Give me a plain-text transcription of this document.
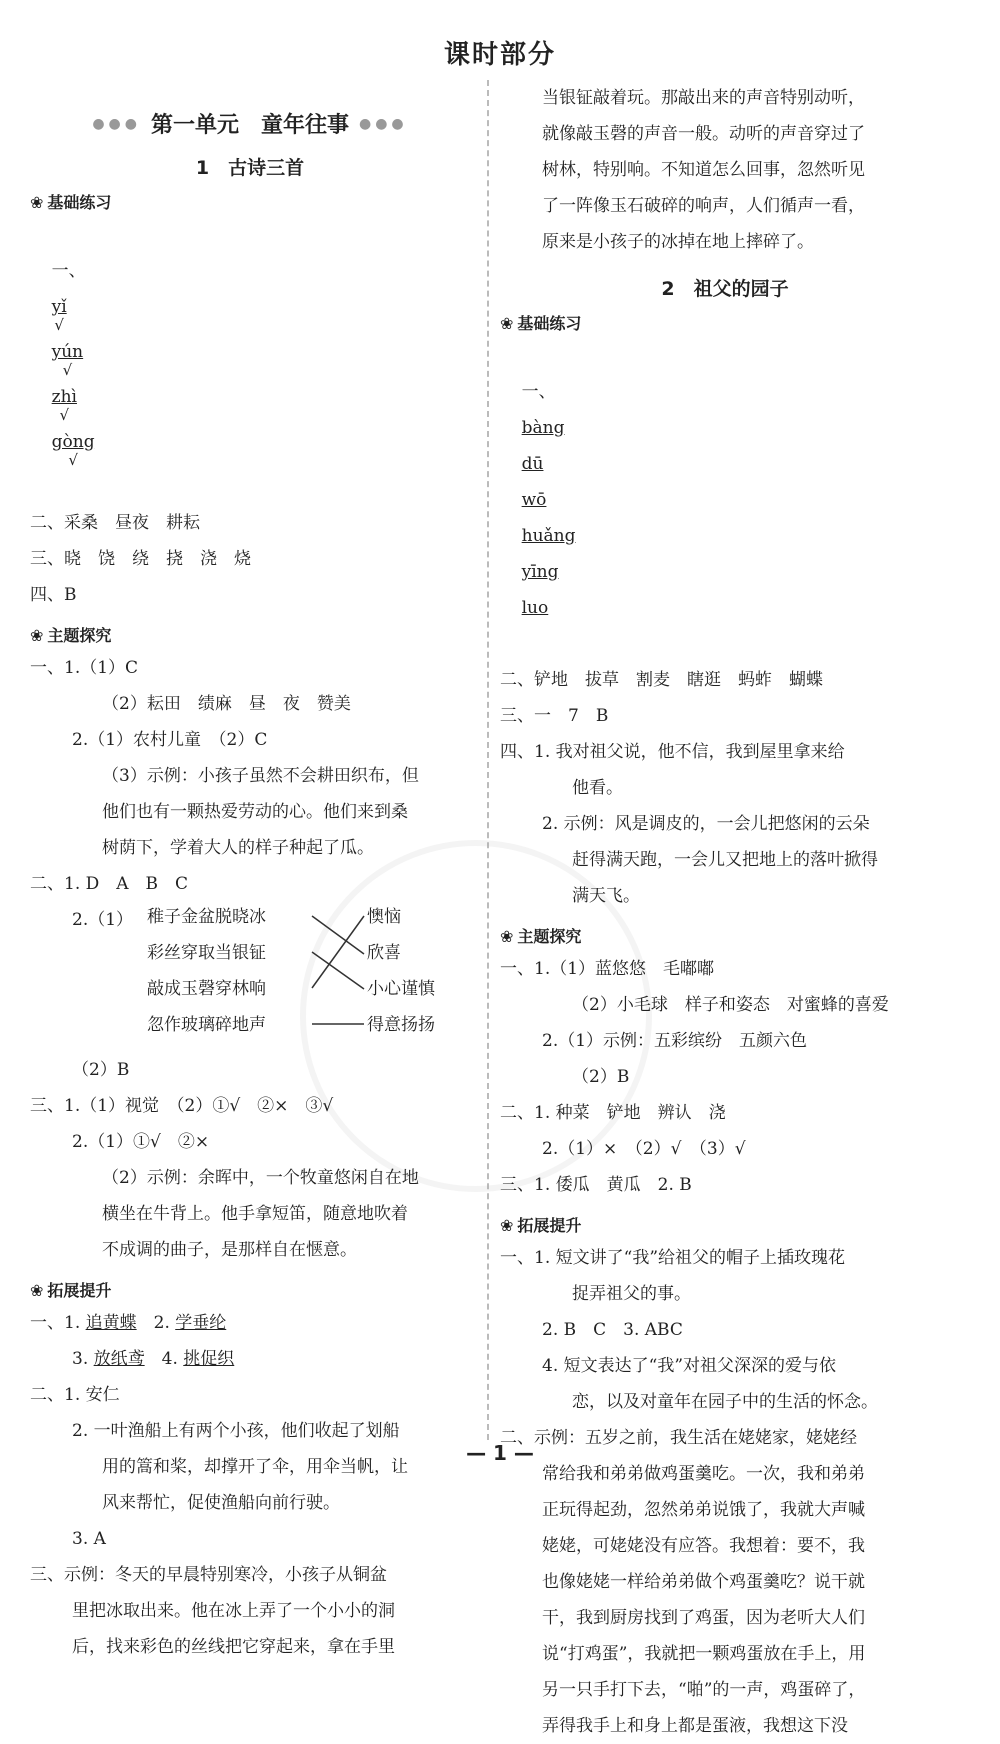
课时部分
●●● 第一单元　童年往事 ●●●
1　古诗三首
❀ 基础练习

一、

yǐ
√

yún
√

zhì
√

gòng
√

二、采桑　昼夜　耕耘
三、晓　饶　绕　挠　浇　烧
四、B
❀ 主题探究
一、1.（1）C
（2）耘田　绩麻　昼　夜　赞美
2.（1）农村儿童　（2）C
（3）示例：小孩子虽然不会耕田织布，但
他们也有一颗热爱劳动的心。他们来到桑
树荫下，学着大人的样子种起了瓜。
二、1. D　A　B　C
2.（1） 稚子金盆脱晓冰
彩丝穿取当银钲
敲成玉磬穿林响
忽作玻璃碎地声
懊恼
欣喜
小心谨慎
得意扬扬
（2）B
三、1.（1）视觉　（2）①√　②×　③√
2.（1）①√　②×
（2）示例：余晖中，一个牧童悠闲自在地
横坐在牛背上。他手拿短笛，随意地吹着
不成调的曲子，是那样自在惬意。
❀ 拓展提升
一、1. 追黄蝶　2. 学垂纶
3. 放纸鸢　4. 挑促织
二、1. 安仁
2. 一叶渔船上有两个小孩，他们收起了划船
用的篙和桨，却撑开了伞，用伞当帆，让
风来帮忙，促使渔船向前行驶。
3. A
三、示例：冬天的早晨特别寒冷，小孩子从铜盆
里把冰取出来。他在冰上弄了一个小小的洞
后，找来彩色的丝线把它穿起来，拿在手里
当银钲敲着玩。那敲出来的声音特别动听，
就像敲玉磬的声音一般。动听的声音穿过了
树林，特别响。不知道怎么回事，忽然听见
了一阵像玉石破碎的响声，人们循声一看，
原来是小孩子的冰掉在地上摔碎了。
2　祖父的园子
❀ 基础练习

一、
bàng
dū
wō
huǎng
yīng
luo

二、铲地　拔草　割麦　瞎逛　蚂蚱　蝴蝶
三、一　7　B
四、1. 我对祖父说，他不信，我到屋里拿来给
他看。
2. 示例：风是调皮的，一会儿把悠闲的云朵
赶得满天跑，一会儿又把地上的落叶掀得
满天飞。
❀ 主题探究
一、1.（1）蓝悠悠　毛嘟嘟
（2）小毛球　样子和姿态　对蜜蜂的喜爱
2.（1）示例：五彩缤纷　五颜六色
（2）B
二、1. 种菜　铲地　辨认　浇
2.（1）×　（2）√　（3）√
三、1. 倭瓜　黄瓜　2. B
❀ 拓展提升
一、1. 短文讲了“我”给祖父的帽子上插玫瑰花
捉弄祖父的事。
2. B　C　3. ABC
4. 短文表达了“我”对祖父深深的爱与依
恋，以及对童年在园子中的生活的怀念。
二、示例：五岁之前，我生活在姥姥家，姥姥经
常给我和弟弟做鸡蛋羹吃。一次，我和弟弟
正玩得起劲，忽然弟弟说饿了，我就大声喊
姥姥，可姥姥没有应答。我想着：要不，我
也像姥姥一样给弟弟做个鸡蛋羹吃？说干就
干，我到厨房找到了鸡蛋，因为老听大人们
说“打鸡蛋”，我就把一颗鸡蛋放在手上，用
另一只手打下去，“啪”的一声，鸡蛋碎了，
弄得我手上和身上都是蛋液，我想这下没
— 1 —
